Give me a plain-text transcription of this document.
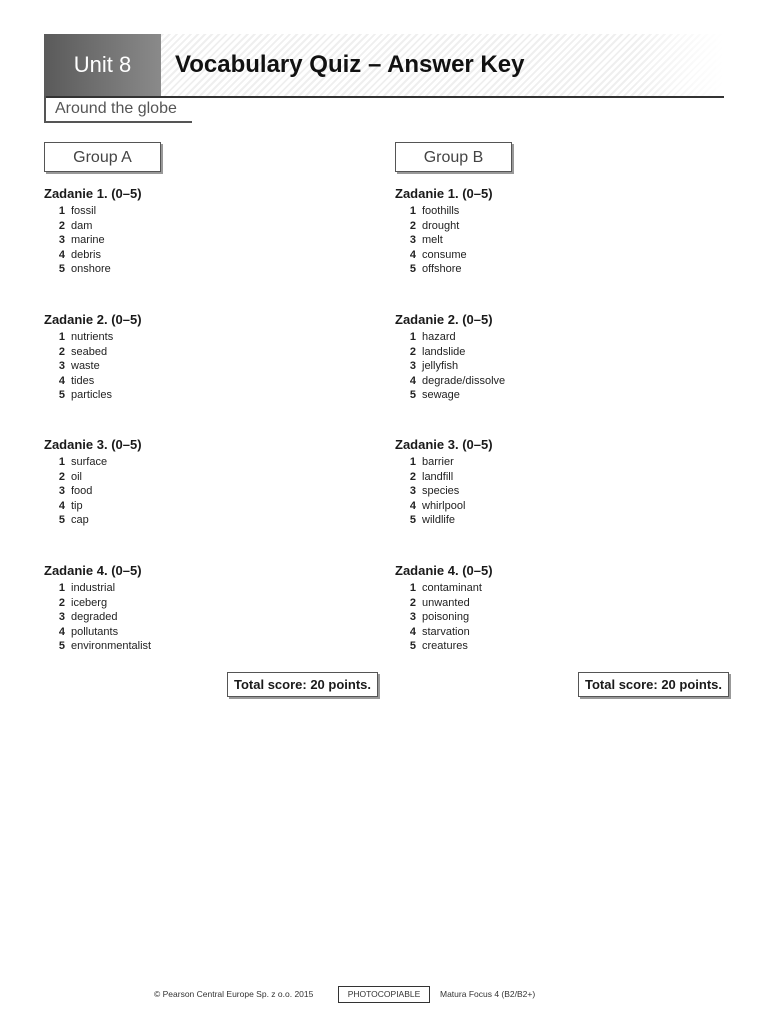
Unit 8	Vocabulary Quiz – Answer Key
Around the globe
Group A
Zadanie 1. (0–5)
1 fossil
2 dam
3 marine
4 debris
5 onshore
Zadanie 2. (0–5)
1 nutrients
2 seabed
3 waste
4 tides
5 particles
Zadanie 3. (0–5)
1 surface
2 oil
3 food
4 tip
5 cap
Zadanie 4. (0–5)
1 industrial
2 iceberg
3 degraded
4 pollutants
5 environmentalist
Total score: 20 points.
Group B
Zadanie 1. (0–5)
1 foothills
2 drought
3 melt
4 consume
5 offshore
Zadanie 2. (0–5)
1 hazard
2 landslide
3 jellyfish
4 degrade/dissolve
5 sewage
Zadanie 3. (0–5)
1 barrier
2 landfill
3 species
4 whirlpool
5 wildlife
Zadanie 4. (0–5)
1 contaminant
2 unwanted
3 poisoning
4 starvation
5 creatures
Total score: 20 points.
© Pearson Central Europe Sp. z o.o. 2015	PHOTOCOPIABLE	Matura Focus 4 (B2/B2+)
